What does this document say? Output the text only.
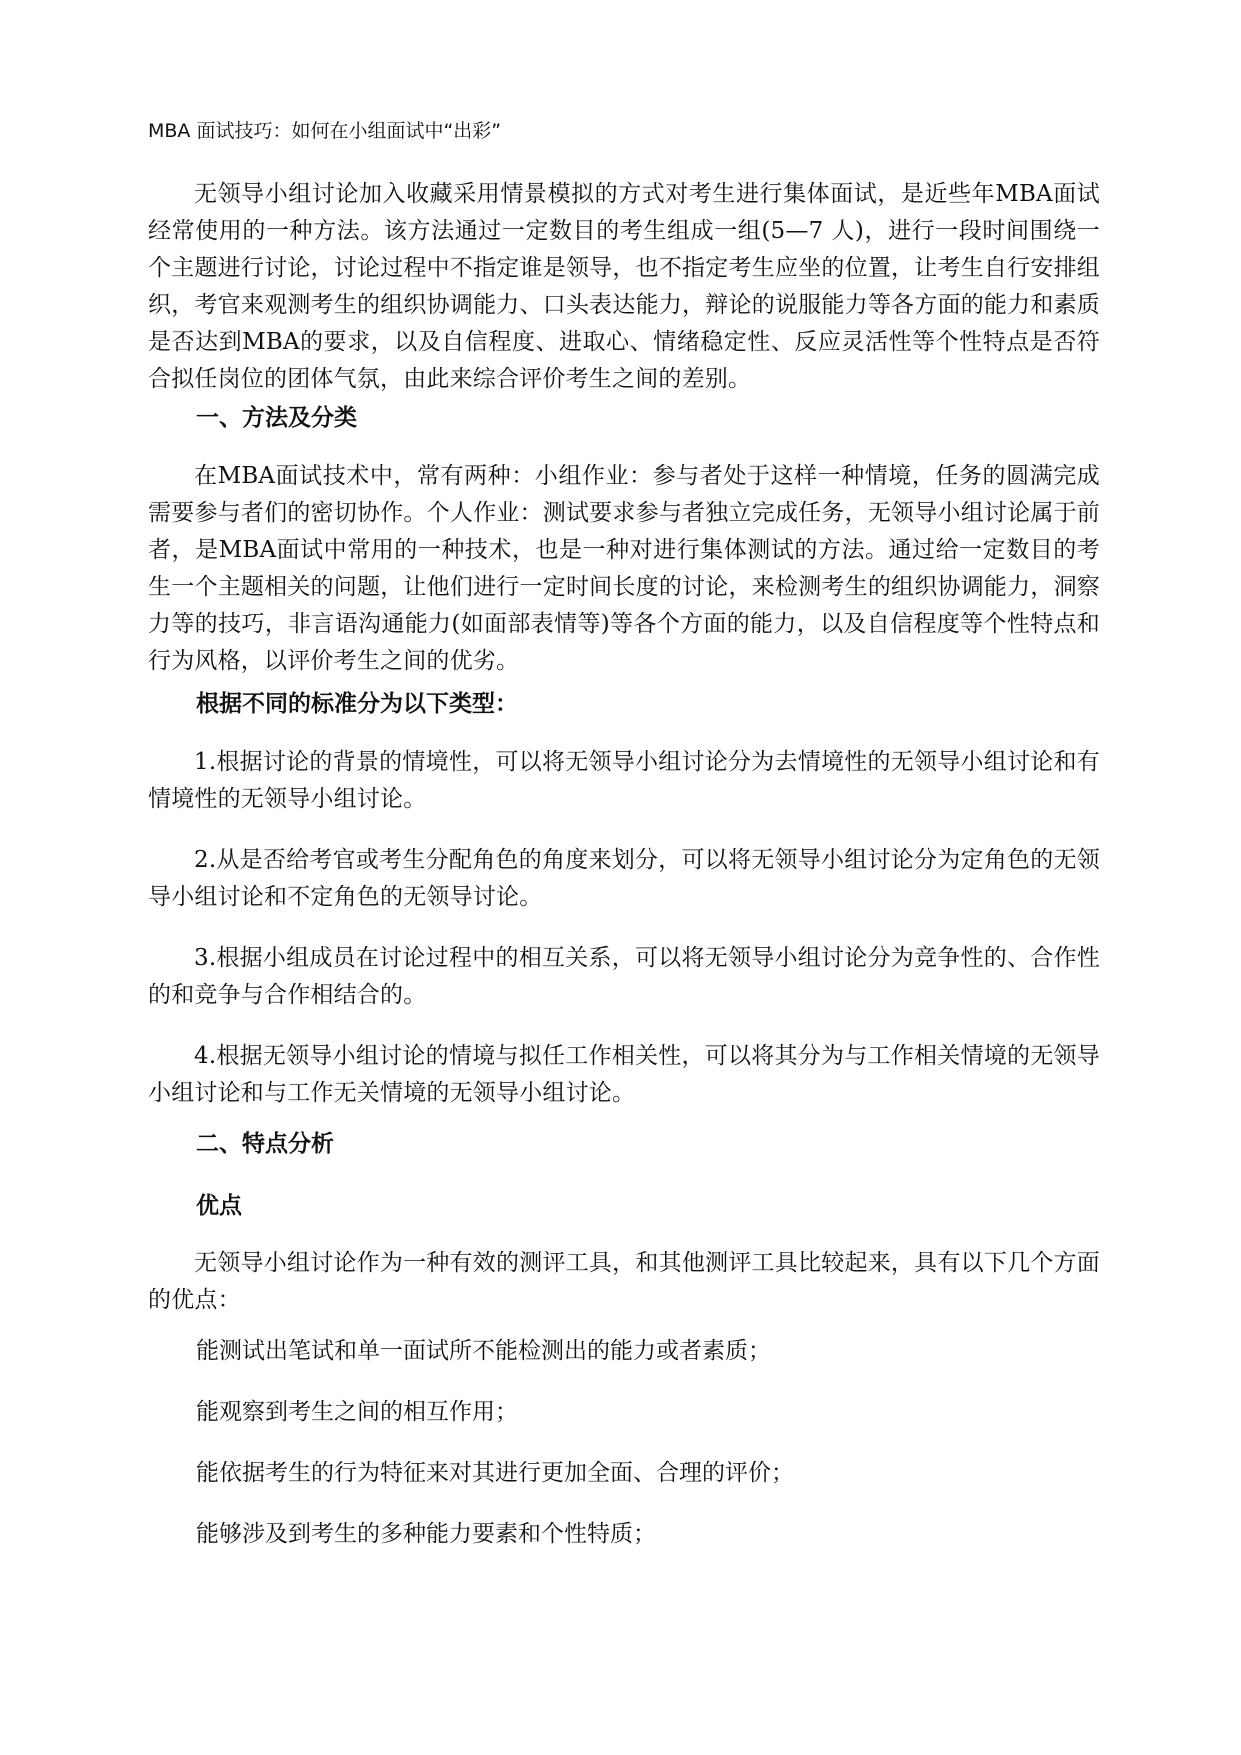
MBA 面试技巧：如何在小组面试中“出彩”

无领导小组讨论加入收藏采用情景模拟的方式对考生进行集体面试，是近些年MBA面试经常使用的一种方法。该方法通过一定数目的考生组成一组(5—7 人)，进行一段时间围绕一个主题进行讨论，讨论过程中不指定谁是领导，也不指定考生应坐的位置，让考生自行安排组织，考官来观测考生的组织协调能力、口头表达能力，辩论的说服能力等各方面的能力和素质是否达到MBA的要求，以及自信程度、进取心、情绪稳定性、反应灵活性等个性特点是否符合拟任岗位的团体气氛，由此来综合评价考生之间的差别。

一、方法及分类

在MBA面试技术中，常有两种：小组作业：参与者处于这样一种情境，任务的圆满完成需要参与者们的密切协作。个人作业：测试要求参与者独立完成任务，无领导小组讨论属于前者，是MBA面试中常用的一种技术，也是一种对进行集体测试的方法。通过给一定数目的考生一个主题相关的问题，让他们进行一定时间长度的讨论，来检测考生的组织协调能力，洞察力等的技巧，非言语沟通能力(如面部表情等)等各个方面的能力，以及自信程度等个性特点和行为风格，以评价考生之间的优劣。

根据不同的标准分为以下类型：

1.根据讨论的背景的情境性，可以将无领导小组讨论分为去情境性的无领导小组讨论和有情境性的无领导小组讨论。

2.从是否给考官或考生分配角色的角度来划分，可以将无领导小组讨论分为定角色的无领导小组讨论和不定角色的无领导讨论。

3.根据小组成员在讨论过程中的相互关系，可以将无领导小组讨论分为竞争性的、合作性的和竞争与合作相结合的。

4.根据无领导小组讨论的情境与拟任工作相关性，可以将其分为与工作相关情境的无领导小组讨论和与工作无关情境的无领导小组讨论。

二、特点分析
优点

无领导小组讨论作为一种有效的测评工具，和其他测评工具比较起来，具有以下几个方面的优点：

能测试出笔试和单一面试所不能检测出的能力或者素质；

能观察到考生之间的相互作用；

能依据考生的行为特征来对其进行更加全面、合理的评价；

能够涉及到考生的多种能力要素和个性特质；
